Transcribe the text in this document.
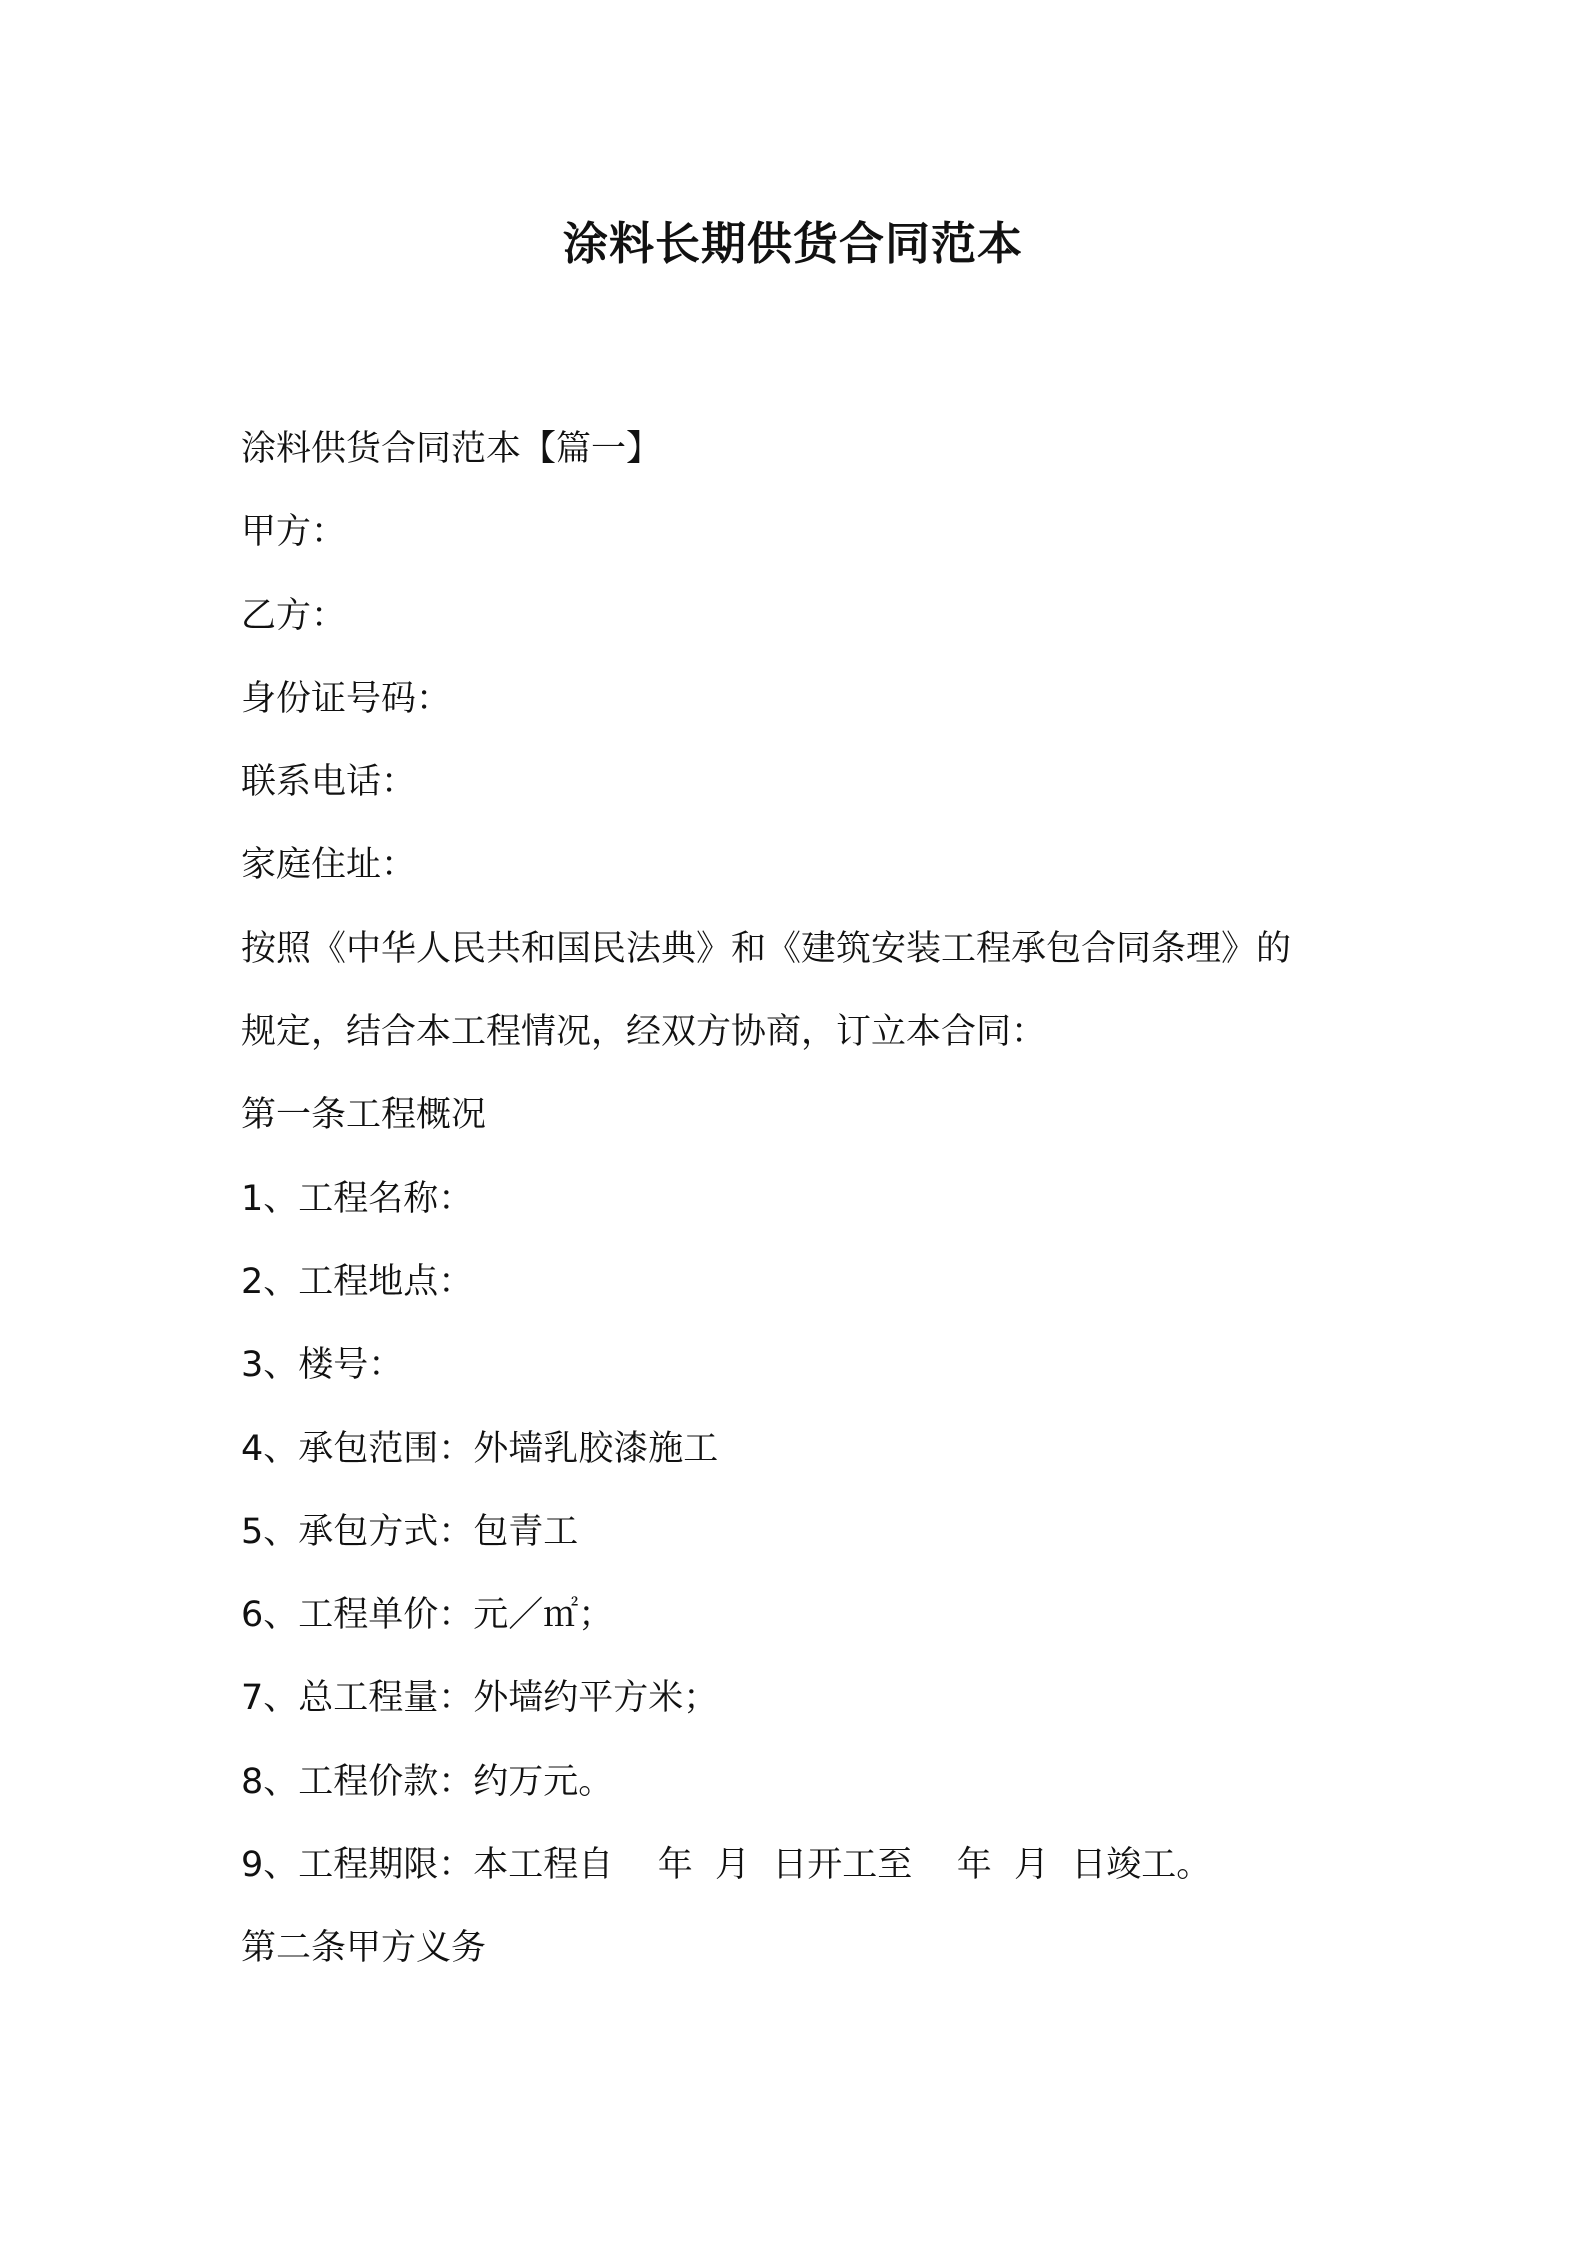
涂料长期供货合同范本

涂料供货合同范本【篇一】

甲方：

乙方：

身份证号码：

联系电话：

家庭住址：

按照《中华人民共和国民法典》和《建筑安装工程承包合同条理》的

规定，结合本工程情况，经双方协商，订立本合同：

第一条工程概况

1、工程名称：

2、工程地点：

3、楼号：

4、承包范围：外墙乳胶漆施工

5、承包方式：包青工

6、工程单价：元／㎡；

7、总工程量：外墙约平方米；

8、工程价款：约万元。

9、工程期限：本工程自    年  月  日开工至    年  月  日竣工。

第二条甲方义务
